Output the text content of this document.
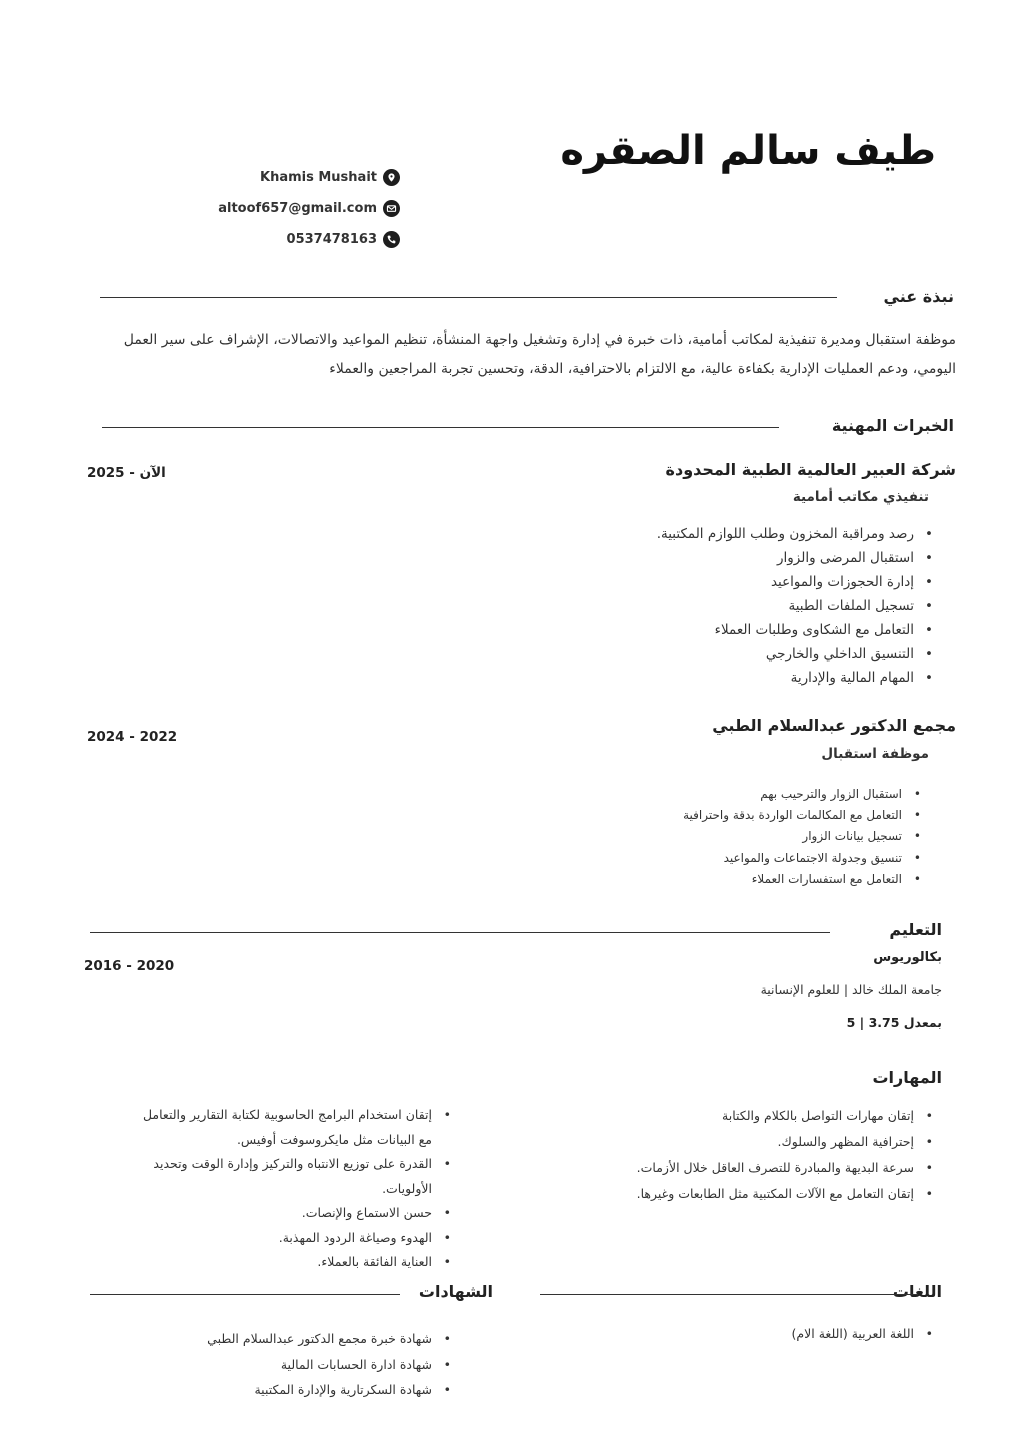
طيف سالم الصقره
Khamis Mushait
altoof657@gmail.com
0537478163
نبذة عني
موظفة استقبال ومديرة تنفيذية لمكاتب أمامية، ذات خبرة في إدارة وتشغيل واجهة المنشأة، تنظيم المواعيد والاتصالات، الإشراف على سير العمل اليومي، ودعم العمليات الإدارية بكفاءة عالية، مع الالتزام بالاحترافية، الدقة، وتحسين تجربة المراجعين والعملاء
الخبرات المهنية
شركة العبير العالمية الطبية المحدودة
تنفيذي مكاتب أمامية
2025 - الآن
• رصد ومراقبة المخزون وطلب اللوازم المكتبية.
• استقبال المرضى والزوار
• إدارة الحجوزات والمواعيد
• تسجيل الملفات الطبية
• التعامل مع الشكاوى وطلبات العملاء
• التنسيق الداخلي والخارجي
• المهام المالية والإدارية
مجمع الدكتور عبدالسلام الطبي
موظفة استقبال
2024 - 2022
• استقبال الزوار والترحيب بهم
• التعامل مع المكالمات الواردة بدقة واحترافية
• تسجيل بيانات الزوار
• تنسيق وجدولة الاجتماعات والمواعيد
• التعامل مع استفسارات العملاء
التعليم
بكالوريوس
جامعة الملك خالد | للعلوم الإنسانية
بمعدل 3.75 | 5
2016 - 2020
المهارات
• إتقان مهارات التواصل بالكلام والكتابة
• إحترافية المظهر والسلوك.
• سرعة البديهة والمبادرة للتصرف العاقل خلال الأزمات.
• إتقان التعامل مع الآلات المكتبية مثل الطابعات وغيرها.
• إتقان استخدام البرامج الحاسوبية لكتابة التقارير والتعامل مع البيانات مثل مايكروسوفت أوفيس.
• القدرة على توزيع الانتباه والتركيز وإدارة الوقت وتحديد الأولويات.
• حسن الاستماع والإنصات.
• الهدوء وصياغة الردود المهذبة.
• العناية الفائقة بالعملاء.
اللغات
• اللغة العربية (اللغة الام)
الشهادات
• شهادة خبرة مجمع الدكتور عبدالسلام الطبي
• شهادة ادارة الحسابات المالية
• شهادة السكرتارية والإدارة المكتبية
